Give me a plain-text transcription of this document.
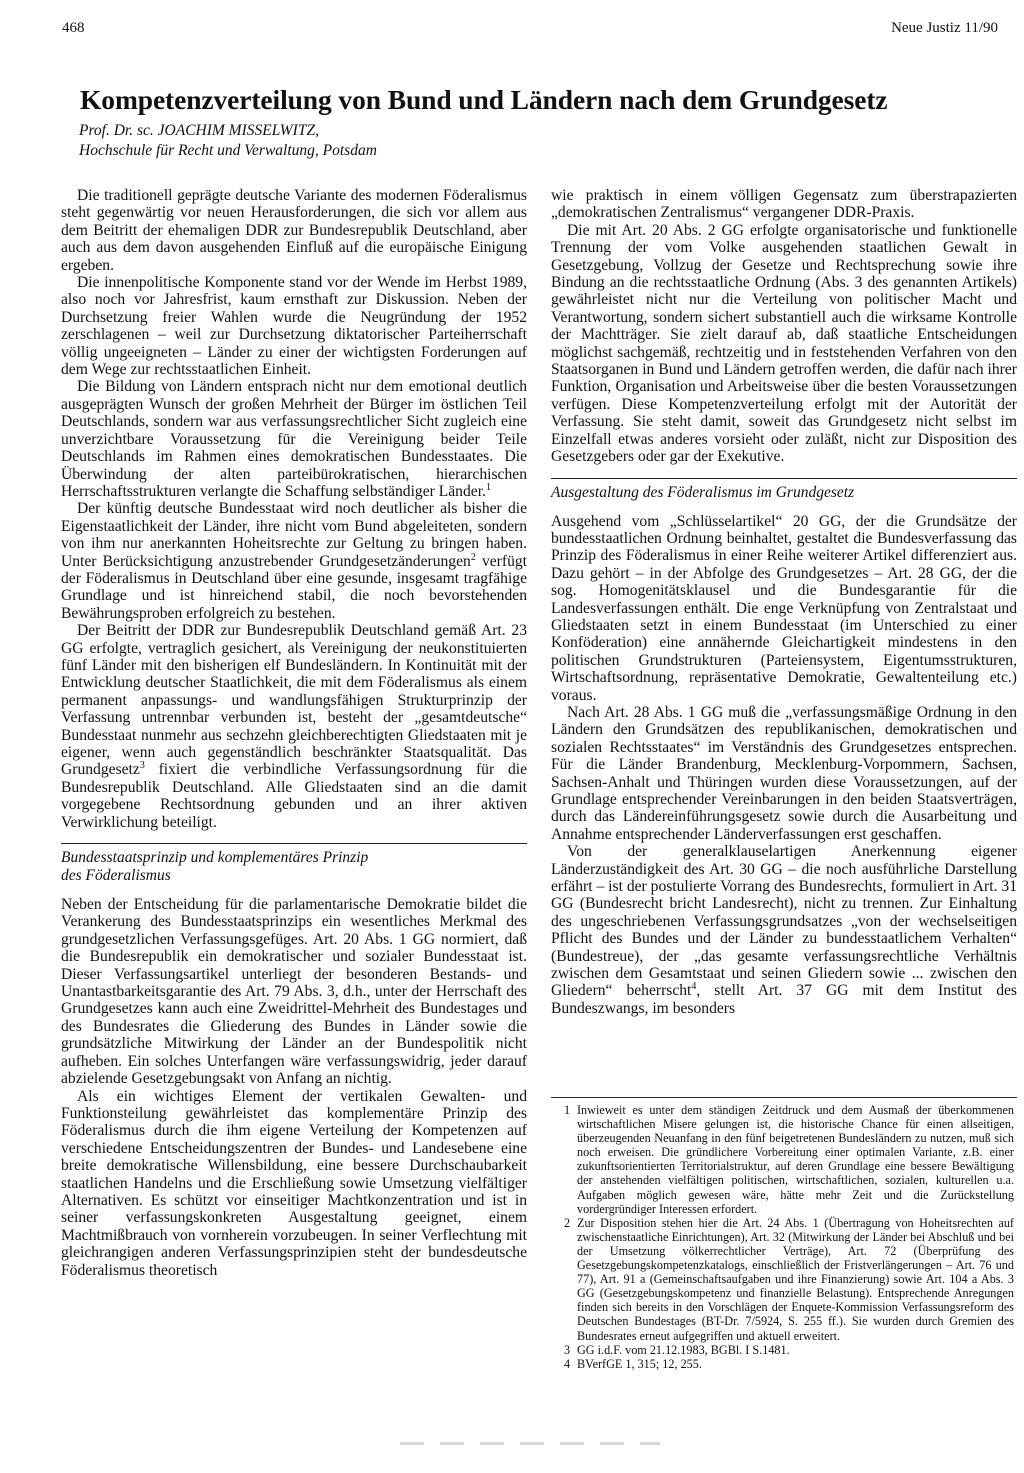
468	Neue Justiz 11/90
Kompetenzverteilung von Bund und Ländern nach dem Grundgesetz
Prof. Dr. sc. JOACHIM MISSELWITZ,
Hochschule für Recht und Verwaltung, Potsdam

Die traditionell geprägte deutsche Variante des modernen Föderalismus steht gegenwärtig vor neuen Herausforderungen, die sich vor allem aus dem Beitritt der ehemaligen DDR zur Bundesrepublik Deutschland, aber auch aus dem davon ausgehenden Einfluß auf die europäische Einigung ergeben.

Die innenpolitische Komponente stand vor der Wende im Herbst 1989, also noch vor Jahresfrist, kaum ernsthaft zur Diskussion. Neben der Durchsetzung freier Wahlen wurde die Neugründung der 1952 zerschlagenen – weil zur Durchsetzung diktatorischer Parteiherrschaft völlig ungeeigneten – Länder zu einer der wichtigsten Forderungen auf dem Wege zur rechtsstaatlichen Einheit.

Die Bildung von Ländern entsprach nicht nur dem emotional deutlich ausgeprägten Wunsch der großen Mehrheit der Bürger im östlichen Teil Deutschlands, sondern war aus verfassungsrechtlicher Sicht zugleich eine unverzichtbare Voraussetzung für die Vereinigung beider Teile Deutschlands im Rahmen eines demokratischen Bundesstaates. Die Überwindung der alten parteibürokratischen, hierarchischen Herrschaftsstrukturen verlangte die Schaffung selbständiger Länder.$^1$

Der künftig deutsche Bundesstaat wird noch deutlicher als bisher die Eigenstaatlichkeit der Länder, ihre nicht vom Bund abgeleiteten, sondern von ihm nur anerkannten Hoheitsrechte zur Geltung zu bringen haben. Unter Berücksichtigung anzustrebender Grundgesetzänderungen$^2$ verfügt der Föderalismus in Deutschland über eine gesunde, insgesamt tragfähige Grundlage und ist hinreichend stabil, die noch bevorstehenden Bewährungsproben erfolgreich zu bestehen.

Der Beitritt der DDR zur Bundesrepublik Deutschland gemäß Art. 23 GG erfolgte, vertraglich gesichert, als Vereinigung der neukonstituierten fünf Länder mit den bisherigen elf Bundesländern. In Kontinuität mit der Entwicklung deutscher Staatlichkeit, die mit dem Föderalismus als einem permanent anpassungs- und wandlungsfähigen Strukturprinzip der Verfassung untrennbar verbunden ist, besteht der „gesamtdeutsche“ Bundesstaat nunmehr aus sechzehn gleichberechtigten Gliedstaaten mit je eigener, wenn auch gegenständlich beschränkter Staatsqualität. Das Grundgesetz$^3$ fixiert die verbindliche Verfassungsordnung für die Bundesrepublik Deutschland. Alle Gliedstaaten sind an die damit vorgegebene Rechtsordnung gebunden und an ihrer aktiven Verwirklichung beteiligt.

Bundesstaatsprinzip und komplementäres Prinzip
des Föderalismus

Neben der Entscheidung für die parlamentarische Demokratie bildet die Verankerung des Bundesstaatsprinzips ein wesentliches Merkmal des grundgesetzlichen Verfassungsgefüges. Art. 20 Abs. 1 GG normiert, daß die Bundesrepublik ein demokratischer und sozialer Bundesstaat ist. Dieser Verfassungsartikel unterliegt der besonderen Bestands- und Unantastbarkeitsgarantie des Art. 79 Abs. 3, d.h., unter der Herrschaft des Grundgesetzes kann auch eine Zweidrittel-Mehrheit des Bundestages und des Bundesrates die Gliederung des Bundes in Länder sowie die grundsätzliche Mitwirkung der Länder an der Bundespolitik nicht aufheben. Ein solches Unterfangen wäre verfassungswidrig, jeder darauf abzielende Gesetzgebungsakt von Anfang an nichtig.

Als ein wichtiges Element der vertikalen Gewalten- und Funktionsteilung gewährleistet das komplementäre Prinzip des Föderalismus durch die ihm eigene Verteilung der Kompetenzen auf verschiedene Entscheidungszentren der Bundes- und Landesebene eine breite demokratische Willensbildung, eine bessere Durchschaubarkeit staatlichen Handelns und die Erschließung sowie Umsetzung vielfältiger Alternativen. Es schützt vor einseitiger Machtkonzentration und ist in seiner verfassungskonkreten Ausgestaltung geeignet, einem Machtmißbrauch von vornherein vorzubeugen. In seiner Verflechtung mit gleichrangigen anderen Verfassungsprinzipien steht der bundesdeutsche Föderalismus theoretisch

wie praktisch in einem völligen Gegensatz zum überstrapazierten „demokratischen Zentralismus“ vergangener DDR-Praxis.

Die mit Art. 20 Abs. 2 GG erfolgte organisatorische und funktionelle Trennung der vom Volke ausgehenden staatlichen Gewalt in Gesetzgebung, Vollzug der Gesetze und Rechtsprechung sowie ihre Bindung an die rechtsstaatliche Ordnung (Abs. 3 des genannten Artikels) gewährleistet nicht nur die Verteilung von politischer Macht und Verantwortung, sondern sichert substantiell auch die wirksame Kontrolle der Machtträger. Sie zielt darauf ab, daß staatliche Entscheidungen möglichst sachgemäß, rechtzeitig und in feststehenden Verfahren von den Staatsorganen in Bund und Ländern getroffen werden, die dafür nach ihrer Funktion, Organisation und Arbeitsweise über die besten Voraussetzungen verfügen. Diese Kompetenzverteilung erfolgt mit der Autorität der Verfassung. Sie steht damit, soweit das Grundgesetz nicht selbst im Einzelfall etwas anderes vorsieht oder zuläßt, nicht zur Disposition des Gesetzgebers oder gar der Exekutive.

Ausgestaltung des Föderalismus im Grundgesetz

Ausgehend vom „Schlüsselartikel“ 20 GG, der die Grundsätze der bundesstaatlichen Ordnung beinhaltet, gestaltet die Bundesverfassung das Prinzip des Föderalismus in einer Reihe weiterer Artikel differenziert aus. Dazu gehört – in der Abfolge des Grundgesetzes – Art. 28 GG, der die sog. Homogenitätsklausel und die Bundesgarantie für die Landesverfassungen enthält. Die enge Verknüpfung von Zentralstaat und Gliedstaaten setzt in einem Bundesstaat (im Unterschied zu einer Konföderation) eine annähernde Gleichartigkeit mindestens in den politischen Grundstrukturen (Parteiensystem, Eigentumsstrukturen, Wirtschaftsordnung, repräsentative Demokratie, Gewaltenteilung etc.) voraus.

Nach Art. 28 Abs. 1 GG muß die „verfassungsmäßige Ordnung in den Ländern den Grundsätzen des republikanischen, demokratischen und sozialen Rechtsstaates“ im Verständnis des Grundgesetzes entsprechen. Für die Länder Brandenburg, Mecklenburg-Vorpommern, Sachsen, Sachsen-Anhalt und Thüringen wurden diese Voraussetzungen, auf der Grundlage entsprechender Vereinbarungen in den beiden Staatsverträgen, durch das Ländereinführungsgesetz sowie durch die Ausarbeitung und Annahme entsprechender Länderverfassungen erst geschaffen.

Von der generalklauselartigen Anerkennung eigener Länderzuständigkeit des Art. 30 GG – die noch ausführliche Darstellung erfährt – ist der postulierte Vorrang des Bundesrechts, formuliert in Art. 31 GG (Bundesrecht bricht Landesrecht), nicht zu trennen. Zur Einhaltung des ungeschriebenen Verfassungsgrundsatzes „von der wechselseitigen Pflicht des Bundes und der Länder zu bundesstaatlichem Verhalten“ (Bundestreue), der „das gesamte verfassungsrechtliche Verhältnis zwischen dem Gesamtstaat und seinen Gliedern sowie ... zwischen den Gliedern“ beherrscht$^4$, stellt Art. 37 GG mit dem Institut des Bundeszwangs, im besonders

1 Inwieweit es unter dem ständigen Zeitdruck und dem Ausmaß der überkommenen wirtschaftlichen Misere gelungen ist, die historische Chance für einen allseitigen, überzeugenden Neuanfang in den fünf beigetretenen Bundesländern zu nutzen, muß sich noch erweisen. Die gründlichere Vorbereitung einer optimalen Variante, z.B. einer zukunftsorientierten Territorialstruktur, auf deren Grundlage eine bessere Bewältigung der anstehenden vielfältigen politischen, wirtschaftlichen, sozialen, kulturellen u.a. Aufgaben möglich gewesen wäre, hätte mehr Zeit und die Zurückstellung vordergründiger Interessen erfordert.
2 Zur Disposition stehen hier die Art. 24 Abs. 1 (Übertragung von Hoheitsrechten auf zwischenstaatliche Einrichtungen), Art. 32 (Mitwirkung der Länder bei Abschluß und bei der Umsetzung völkerrechtlicher Verträge), Art. 72 (Überprüfung des Gesetzgebungskompetenzkatalogs, einschließlich der Fristverlängerungen – Art. 76 und 77), Art. 91 a (Gemeinschaftsaufgaben und ihre Finanzierung) sowie Art. 104 a Abs. 3 GG (Gesetzgebungskompetenz und finanzielle Belastung). Entsprechende Anregungen finden sich bereits in den Vorschlägen der Enquete-Kommission Verfassungsreform des Deutschen Bundestages (BT-Dr. 7/5924, S. 255 ff.). Sie wurden durch Gremien des Bundesrates erneut aufgegriffen und aktuell erweitert.
3 GG i.d.F. vom 21.12.1983, BGBl. I S.1481.
4 BVerfGE 1, 315; 12, 255.
